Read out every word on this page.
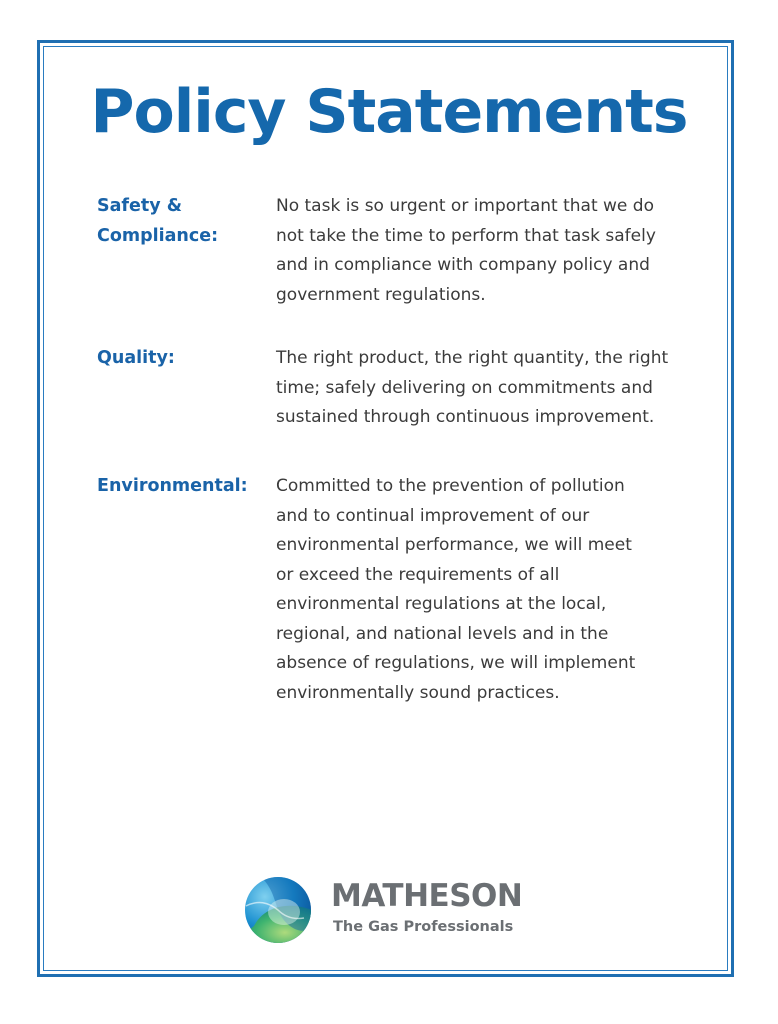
Policy Statements
Safety &
Compliance:
No task is so urgent or important that we do
not take the time to perform that task safely
and in compliance with company policy and
government regulations.
Quality:	The right product, the right quantity, the right
time; safely delivering on commitments and
sustained through continuous improvement.
Environmental:	Committed to the prevention of pollution
and to continual improvement of our
environmental performance, we will meet
or exceed the requirements of all
environmental regulations at the local,
regional, and national levels and in the
absence of regulations, we will implement
environmentally sound practices.
MATHESON
The Gas Professionals
